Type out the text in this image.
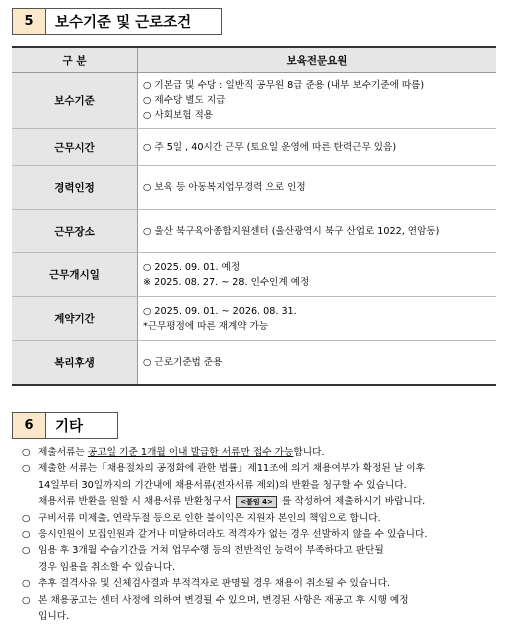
5	보수기준 및 근로조건
구 분	보육전문요원
보수기준	○ 기본급 및 수당 : 일반직 공무원 8급 준용 (내부 보수기준에 따름)
○ 제수당 별도 지급
○ 사회보험 적용

근무시간	○ 주 5일 , 40시간 근무 (토요일 운영에 따른 탄력근무 있음)

경력인정	○ 보육 등 아동복지업무경력 으로 인정

근무장소	○ 울산 북구육아종합지원센터 (울산광역시 북구 산업로 1022, 연암동)

근무개시일	○ 2025. 09. 01. 예정
※ 2025. 08. 27. ~ 28. 인수인계 예정

계약기간	○ 2025. 09. 01. ~ 2026. 08. 31.
*근무평정에 따른 재계약 가능

복리후생	○ 근로기준법 준용
6	기타
○ 제출서류는 공고일 기준 1개월 이내 발급한 서류만 접수 가능합니다.
○ 제출한 서류는「채용절차의 공정화에 관한 법률」제11조에 의거 채용여부가 확정된 날 이후
14일부터 30일까지의 기간내에 채용서류(전자서류 제외)의 반환을 청구할 수 있습니다.
채용서류 반환을 원할 시 채용서류 반환청구서 <붙임 4> 를 작성하여 제출하시기 바랍니다.
○ 구비서류 미제출, 연락두절 등으로 인한 불이익은 지원자 본인의 책임으로 합니다.
○ 응시인원이 모집인원과 같거나 미달하더라도 적격자가 없는 경우 선발하지 않을 수 있습니다.
○ 임용 후 3개월 수습기간을 거쳐 업무수행 등의 전반적인 능력이 부족하다고 판단될
경우 임용을 취소할 수 있습니다.
○ 추후 결격사유 및 신체검사결과 부적격자로 판명될 경우 채용이 취소될 수 있습니다.
○ 본 채용공고는 센터 사정에 의하여 변경될 수 있으며, 변경된 사항은 재공고 후 시행 예정
입니다.
